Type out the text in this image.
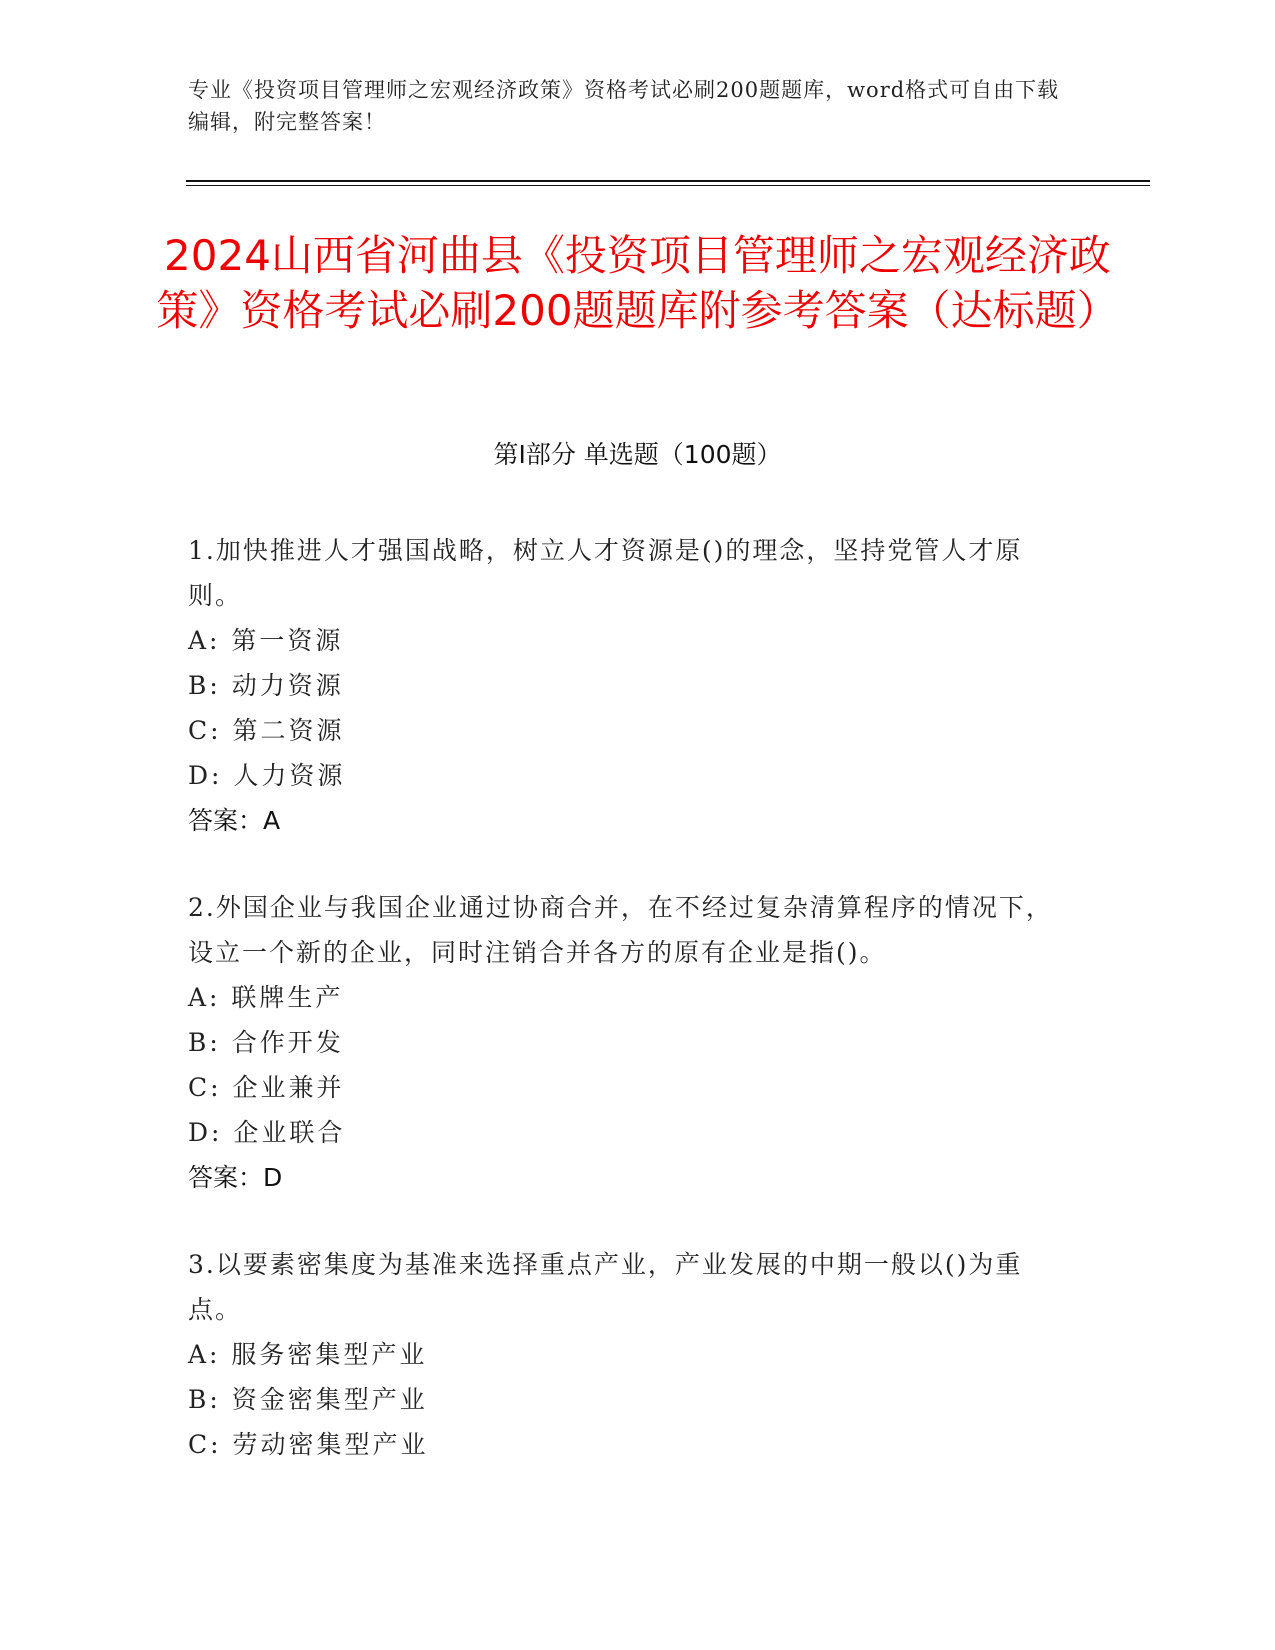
专业《投资项目管理师之宏观经济政策》资格考试必刷200题题库，word格式可自由下载编辑，附完整答案！
2024山西省河曲县《投资项目管理师之宏观经济政策》资格考试必刷200题题库附参考答案（达标题）
第Ⅰ部分 单选题（100题）

1.加快推进人才强国战略，树立人才资源是()的理念，坚持党管人才原则。

A: 第一资源

B: 动力资源

C: 第二资源

D: 人力资源

答案：A

2.外国企业与我国企业通过协商合并，在不经过复杂清算程序的情况下，设立一个新的企业，同时注销合并各方的原有企业是指()。

A: 联牌生产

B: 合作开发

C: 企业兼并

D: 企业联合

答案：D

3.以要素密集度为基准来选择重点产业，产业发展的中期一般以()为重点。

A: 服务密集型产业

B: 资金密集型产业

C: 劳动密集型产业
